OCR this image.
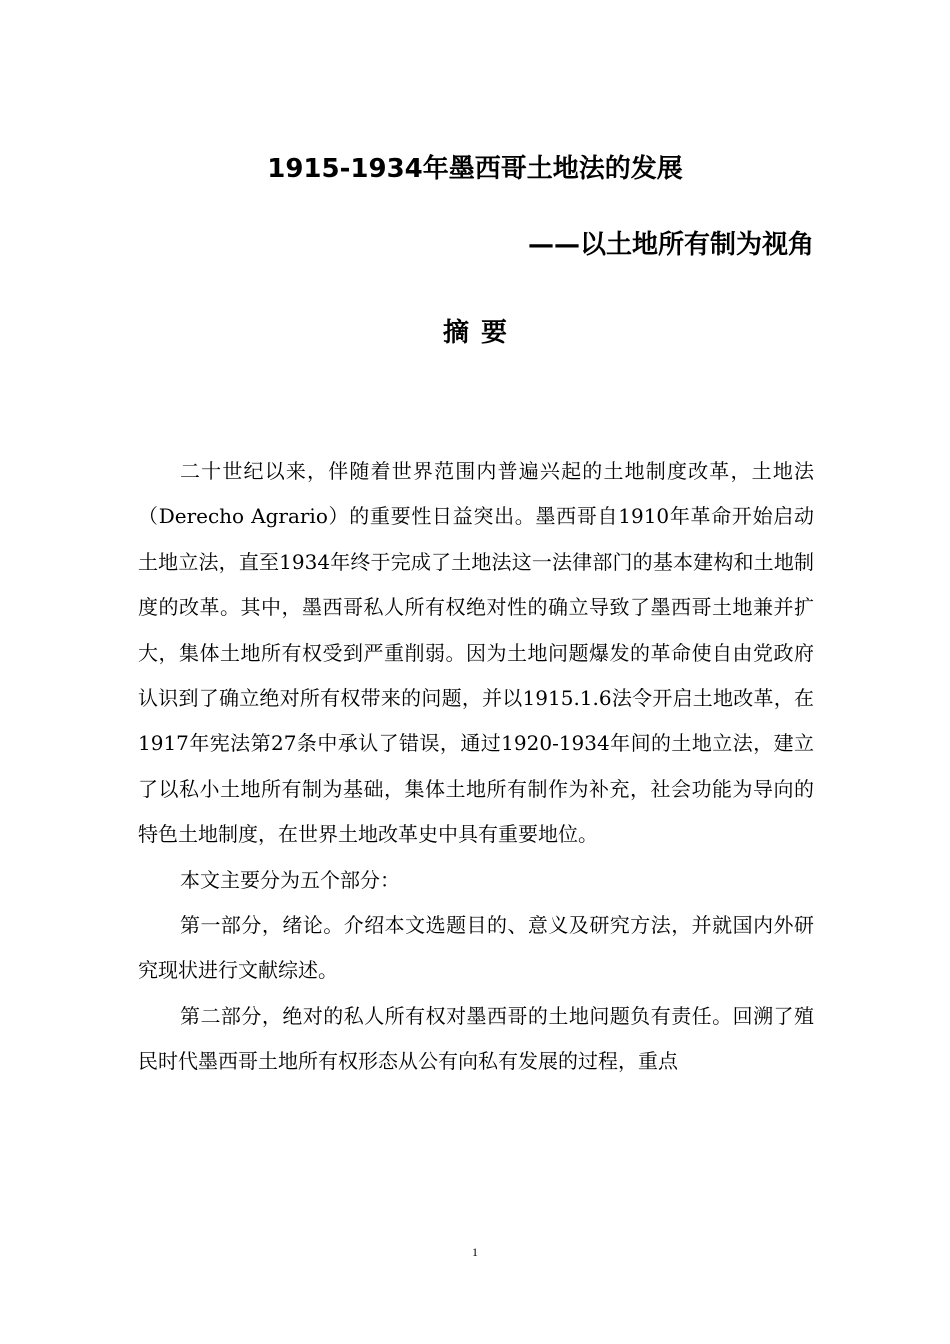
1915-1934年墨西哥土地法的发展
——以土地所有制为视角
摘要

二十世纪以来，伴随着世界范围内普遍兴起的土地制度改革，土地法（Derecho Agrario）的重要性日益突出。墨西哥自1910年革命开始启动土地立法，直至1934年终于完成了土地法这一法律部门的基本建构和土地制度的改革。其中，墨西哥私人所有权绝对性的确立导致了墨西哥土地兼并扩大，集体土地所有权受到严重削弱。因为土地问题爆发的革命使自由党政府认识到了确立绝对所有权带来的问题，并以1915.1.6法令开启土地改革，在1917年宪法第27条中承认了错误，通过1920-1934年间的土地立法，建立了以私小土地所有制为基础，集体土地所有制作为补充，社会功能为导向的特色土地制度，在世界土地改革史中具有重要地位。

本文主要分为五个部分：

第一部分，绪论。介绍本文选题目的、意义及研究方法，并就国内外研究现状进行文献综述。

第二部分，绝对的私人所有权对墨西哥的土地问题负有责任。回溯了殖民时代墨西哥土地所有权形态从公有向私有发展的过程，重点

1
